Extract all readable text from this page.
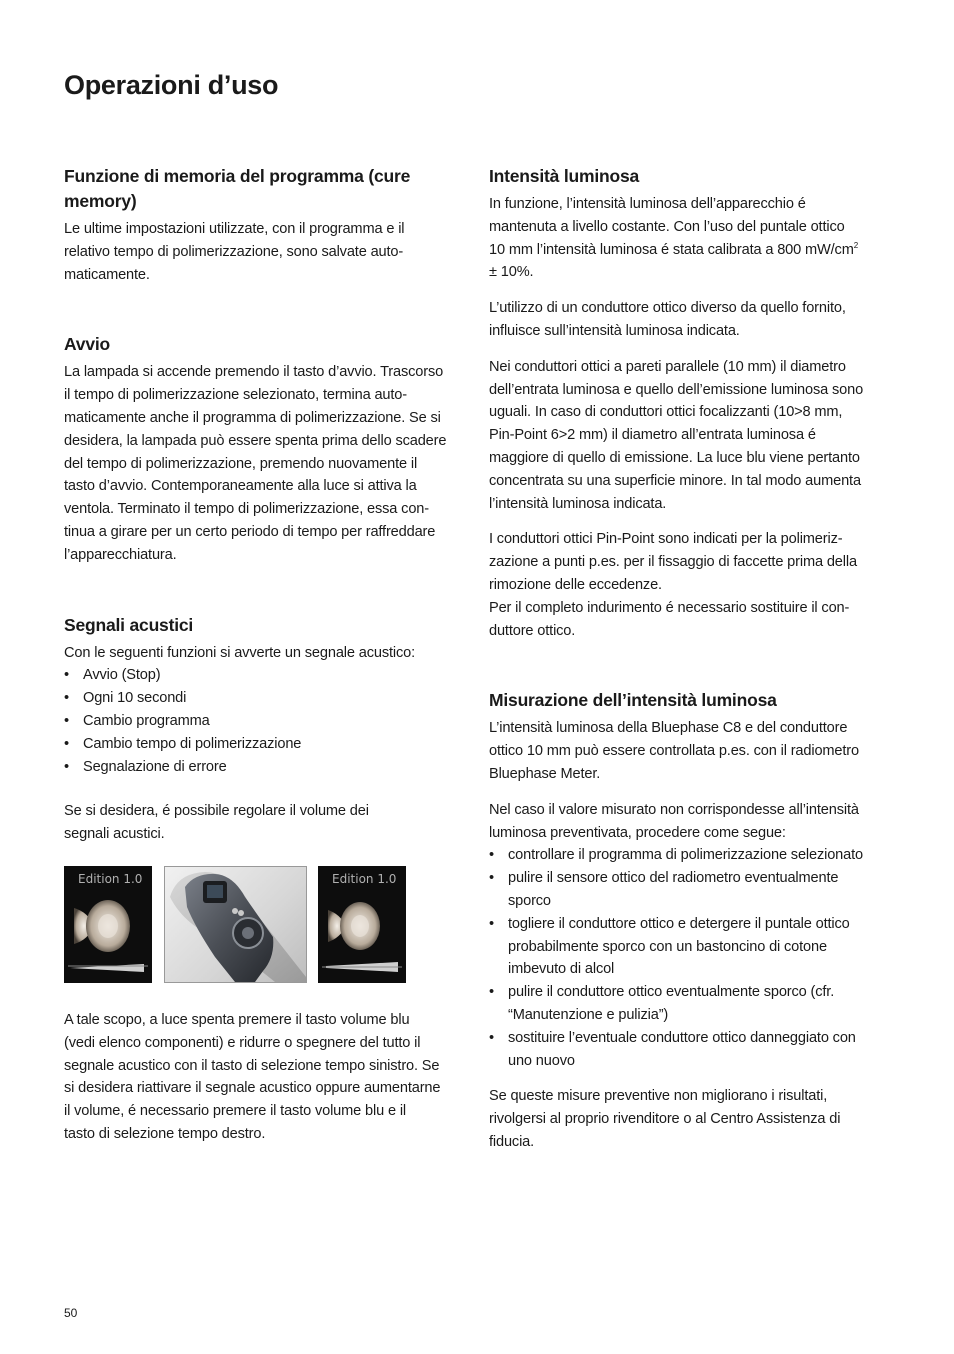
Operazioni d’uso
Funzione di memoria del programma (cure memory)

Le ultime impostazioni utilizzate, con il programma e il
relativo tempo di polimerizzazione, sono salvate auto-
maticamente.

Avvio

La lampada si accende premendo il tasto d’avvio. Trascorso
il tempo di polimerizzazione selezionato, termina auto-
maticamente anche il programma di polimerizzazione. Se si
desidera, la lampada può essere spenta prima dello scadere
del tempo di polimerizzazione, premendo nuovamente il
tasto d’avvio. Contemporaneamente alla luce si attiva la
ventola. Terminato il tempo di polimerizzazione, essa con-
tinua a girare per un certo periodo di tempo per raffreddare
l’apparecchiatura.

Segnali acustici

Con le seguenti funzioni si avverte un segnale acustico:

• Avvio (Stop)
• Ogni 10 secondi
• Cambio programma
• Cambio tempo di polimerizzazione
• Segnalazione di errore

Se si desidera, é possibile regolare il volume dei
segnali acustici.

Edition 1.0	Edition 1.0

A tale scopo, a luce spenta premere il tasto volume blu
(vedi elenco componenti) e ridurre o spegnere del tutto il
segnale acustico con il tasto di selezione tempo sinistro. Se
si desidera riattivare il segnale acustico oppure aumentarne
il volume, é necessario premere il tasto volume blu e il
tasto di selezione tempo destro.

Intensità luminosa

In funzione, l’intensità luminosa dell’apparecchio é
mantenuta a livello costante. Con l’uso del puntale ottico
10 mm l’intensità luminosa é stata calibrata a 800 $mW/cm^2$
± 10%.

L’utilizzo di un conduttore ottico diverso da quello fornito,
influisce sull’intensità luminosa indicata.

Nei conduttori ottici a pareti parallele (10 mm) il diametro
dell’entrata luminosa e quello dell’emissione luminosa sono
uguali. In caso di conduttori ottici focalizzanti (10>8 mm,
Pin-Point 6>2 mm) il diametro all’entrata luminosa é
maggiore di quello di emissione. La luce blu viene pertanto
concentrata su una superficie minore. In tal modo aumenta
l’intensità luminosa indicata.

I conduttori ottici Pin-Point sono indicati per la polimeriz-
zazione a punti p.es. per il fissaggio di faccette prima della
rimozione delle eccedenze.
Per il completo indurimento é necessario sostituire il con-
duttore ottico.

Misurazione dell’intensità luminosa

L’intensità luminosa della Bluephase C8 e del conduttore
ottico 10 mm può essere controllata p.es. con il radiometro
Bluephase Meter.

Nel caso il valore misurato non corrispondesse all’intensità
luminosa preventivata, procedere come segue:

• controllare il programma di polimerizzazione selezionato
• pulire il sensore ottico del radiometro eventualmente
sporco
• togliere il conduttore ottico e detergere il puntale ottico
probabilmente sporco con un bastoncino di cotone
imbevuto di alcol
• pulire il conduttore ottico eventualmente sporco (cfr.
“Manutenzione e pulizia”)
• sostituire l’eventuale conduttore ottico danneggiato con
uno nuovo

Se queste misure preventive non migliorano i risultati,
rivolgersi al proprio rivenditore o al Centro Assistenza di
fiducia.

50
